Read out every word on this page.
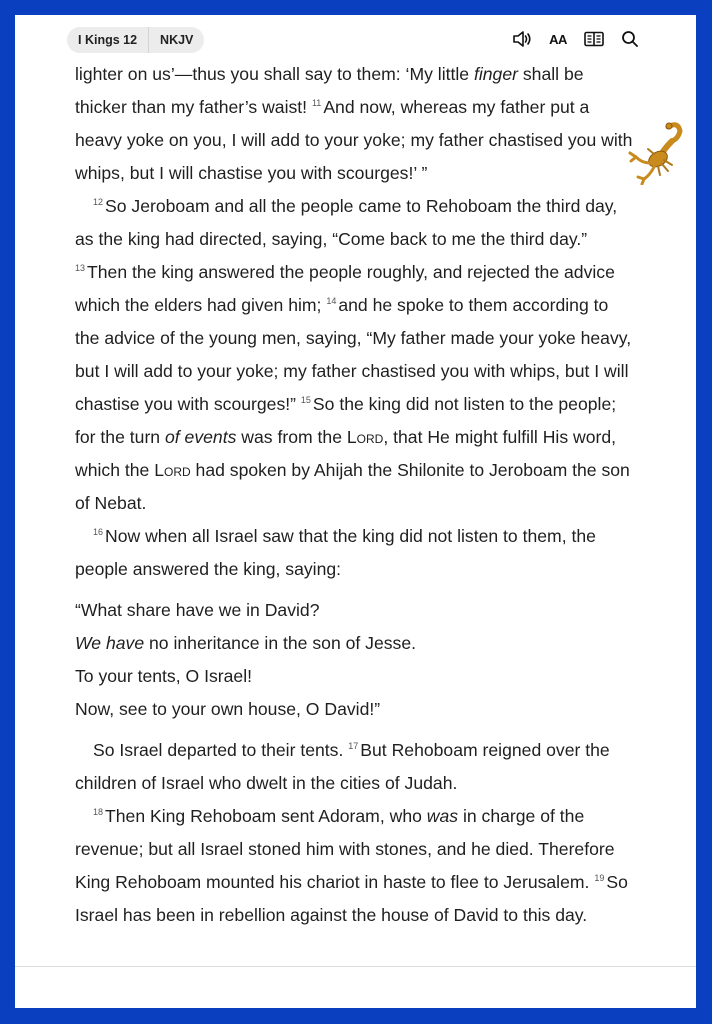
I Kings 12	NKJV	AA

lighter on us’—thus you shall say to them: ‘My little finger shall be thicker than my father’s waist! $^{11}$ And now, whereas my father put a heavy yoke on you, I will add to your yoke; my father chastised you with whips, but I will chastise you with scourges!’ ”

$^{12}$ So Jeroboam and all the people came to Rehoboam the third day, as the king had directed, saying, “Come back to me the third day.” $^{13}$ Then the king answered the people roughly, and rejected the advice which the elders had given him; $^{14}$ and he spoke to them according to the advice of the young men, saying, “My father made your yoke heavy, but I will add to your yoke; my father chastised you with whips, but I will chastise you with scourges!” $^{15}$ So the king did not listen to the people; for the turn of events was from the Lord, that He might fulfill His word, which the Lord had spoken by Ahijah the Shilonite to Jeroboam the son of Nebat.

$^{16}$ Now when all Israel saw that the king did not listen to them, the people answered the king, saying:

“What share have we in David?
We have no inheritance in the son of Jesse.
To your tents, O Israel!
Now, see to your own house, O David!”

So Israel departed to their tents. $^{17}$ But Rehoboam reigned over the children of Israel who dwelt in the cities of Judah.

$^{18}$ Then King Rehoboam sent Adoram, who was in charge of the revenue; but all Israel stoned him with stones, and he died. Therefore King Rehoboam mounted his chariot in haste to flee to Jerusalem. $^{19}$ So Israel has been in rebellion against the house of David to this day.
